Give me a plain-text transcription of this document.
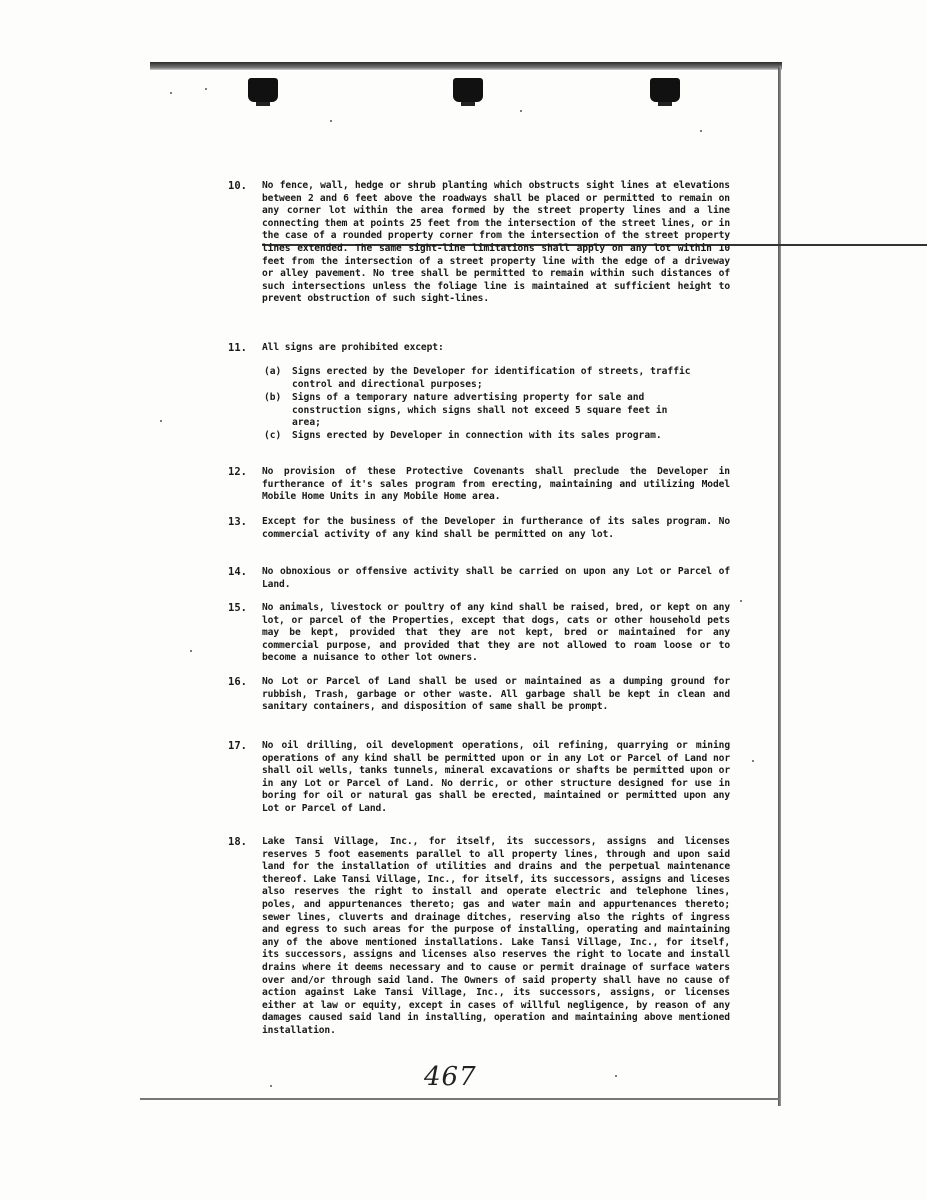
10. No fence, wall, hedge or shrub planting which obstructs sight lines at elevations between 2 and 6 feet above the roadways shall be placed or permitted to remain on any corner lot within the area formed by the street property lines and a line connecting them at points 25 feet from the intersection of the street lines, or in the case of a rounded property corner from the intersection of the street property lines extended. The same sight-line limitations shall apply on any lot within 10 feet from the intersection of a street property line with the edge of a driveway or alley pavement. No tree shall be permitted to remain within such distances of such intersections unless the foliage line is maintained at sufficient height to prevent obstruction of such sight-lines.
11. All signs are prohibited except:
(a) Signs erected by the Developer for identification of streets, traffic control and directional purposes;
(b) Signs of a temporary nature advertising property for sale and construction signs, which signs shall not exceed 5 square feet in area;
(c) Signs erected by Developer in connection with its sales program.
12. No provision of these Protective Covenants shall preclude the Developer in furtherance of it's sales program from erecting, maintaining and utilizing Model Mobile Home Units in any Mobile Home area.
13. Except for the business of the Developer in furtherance of its sales program. No commercial activity of any kind shall be permitted on any lot.
14. No obnoxious or offensive activity shall be carried on upon any Lot or Parcel of Land.
15. No animals, livestock or poultry of any kind shall be raised, bred, or kept on any lot, or parcel of the Properties, except that dogs, cats or other household pets may be kept, provided that they are not kept, bred or maintained for any commercial purpose, and provided that they are not allowed to roam loose or to become a nuisance to other lot owners.
16. No Lot or Parcel of Land shall be used or maintained as a dumping ground for rubbish, Trash, garbage or other waste. All garbage shall be kept in clean and sanitary containers, and disposition of same shall be prompt.
17. No oil drilling, oil development operations, oil refining, quarrying or mining operations of any kind shall be permitted upon or in any Lot or Parcel of Land nor shall oil wells, tanks tunnels, mineral excavations or shafts be permitted upon or in any Lot or Parcel of Land. No derric, or other structure designed for use in boring for oil or natural gas shall be erected, maintained or permitted upon any Lot or Parcel of Land.
18. Lake Tansi Village, Inc., for itself, its successors, assigns and licenses reserves 5 foot easements parallel to all property lines, through and upon said land for the installation of utilities and drains and the perpetual maintenance thereof. Lake Tansi Village, Inc., for itself, its successors, assigns and liceses also reserves the right to install and operate electric and telephone lines, poles, and appurtenances thereto; gas and water main and appurtenances thereto; sewer lines, cluverts and drainage ditches, reserving also the rights of ingress and egress to such areas for the purpose of installing, operating and maintaining any of the above mentioned installations. Lake Tansi Village, Inc., for itself, its successors, assigns and licenses also reserves the right to locate and install drains where it deems necessary and to cause or permit drainage of surface waters over and/or through said land. The Owners of said property shall have no cause of action against Lake Tansi Village, Inc., its successors, assigns, or licenses either at law or equity, except in cases of willful negligence, by reason of any damages caused said land in installing, operation and maintaining above mentioned installation.
467
